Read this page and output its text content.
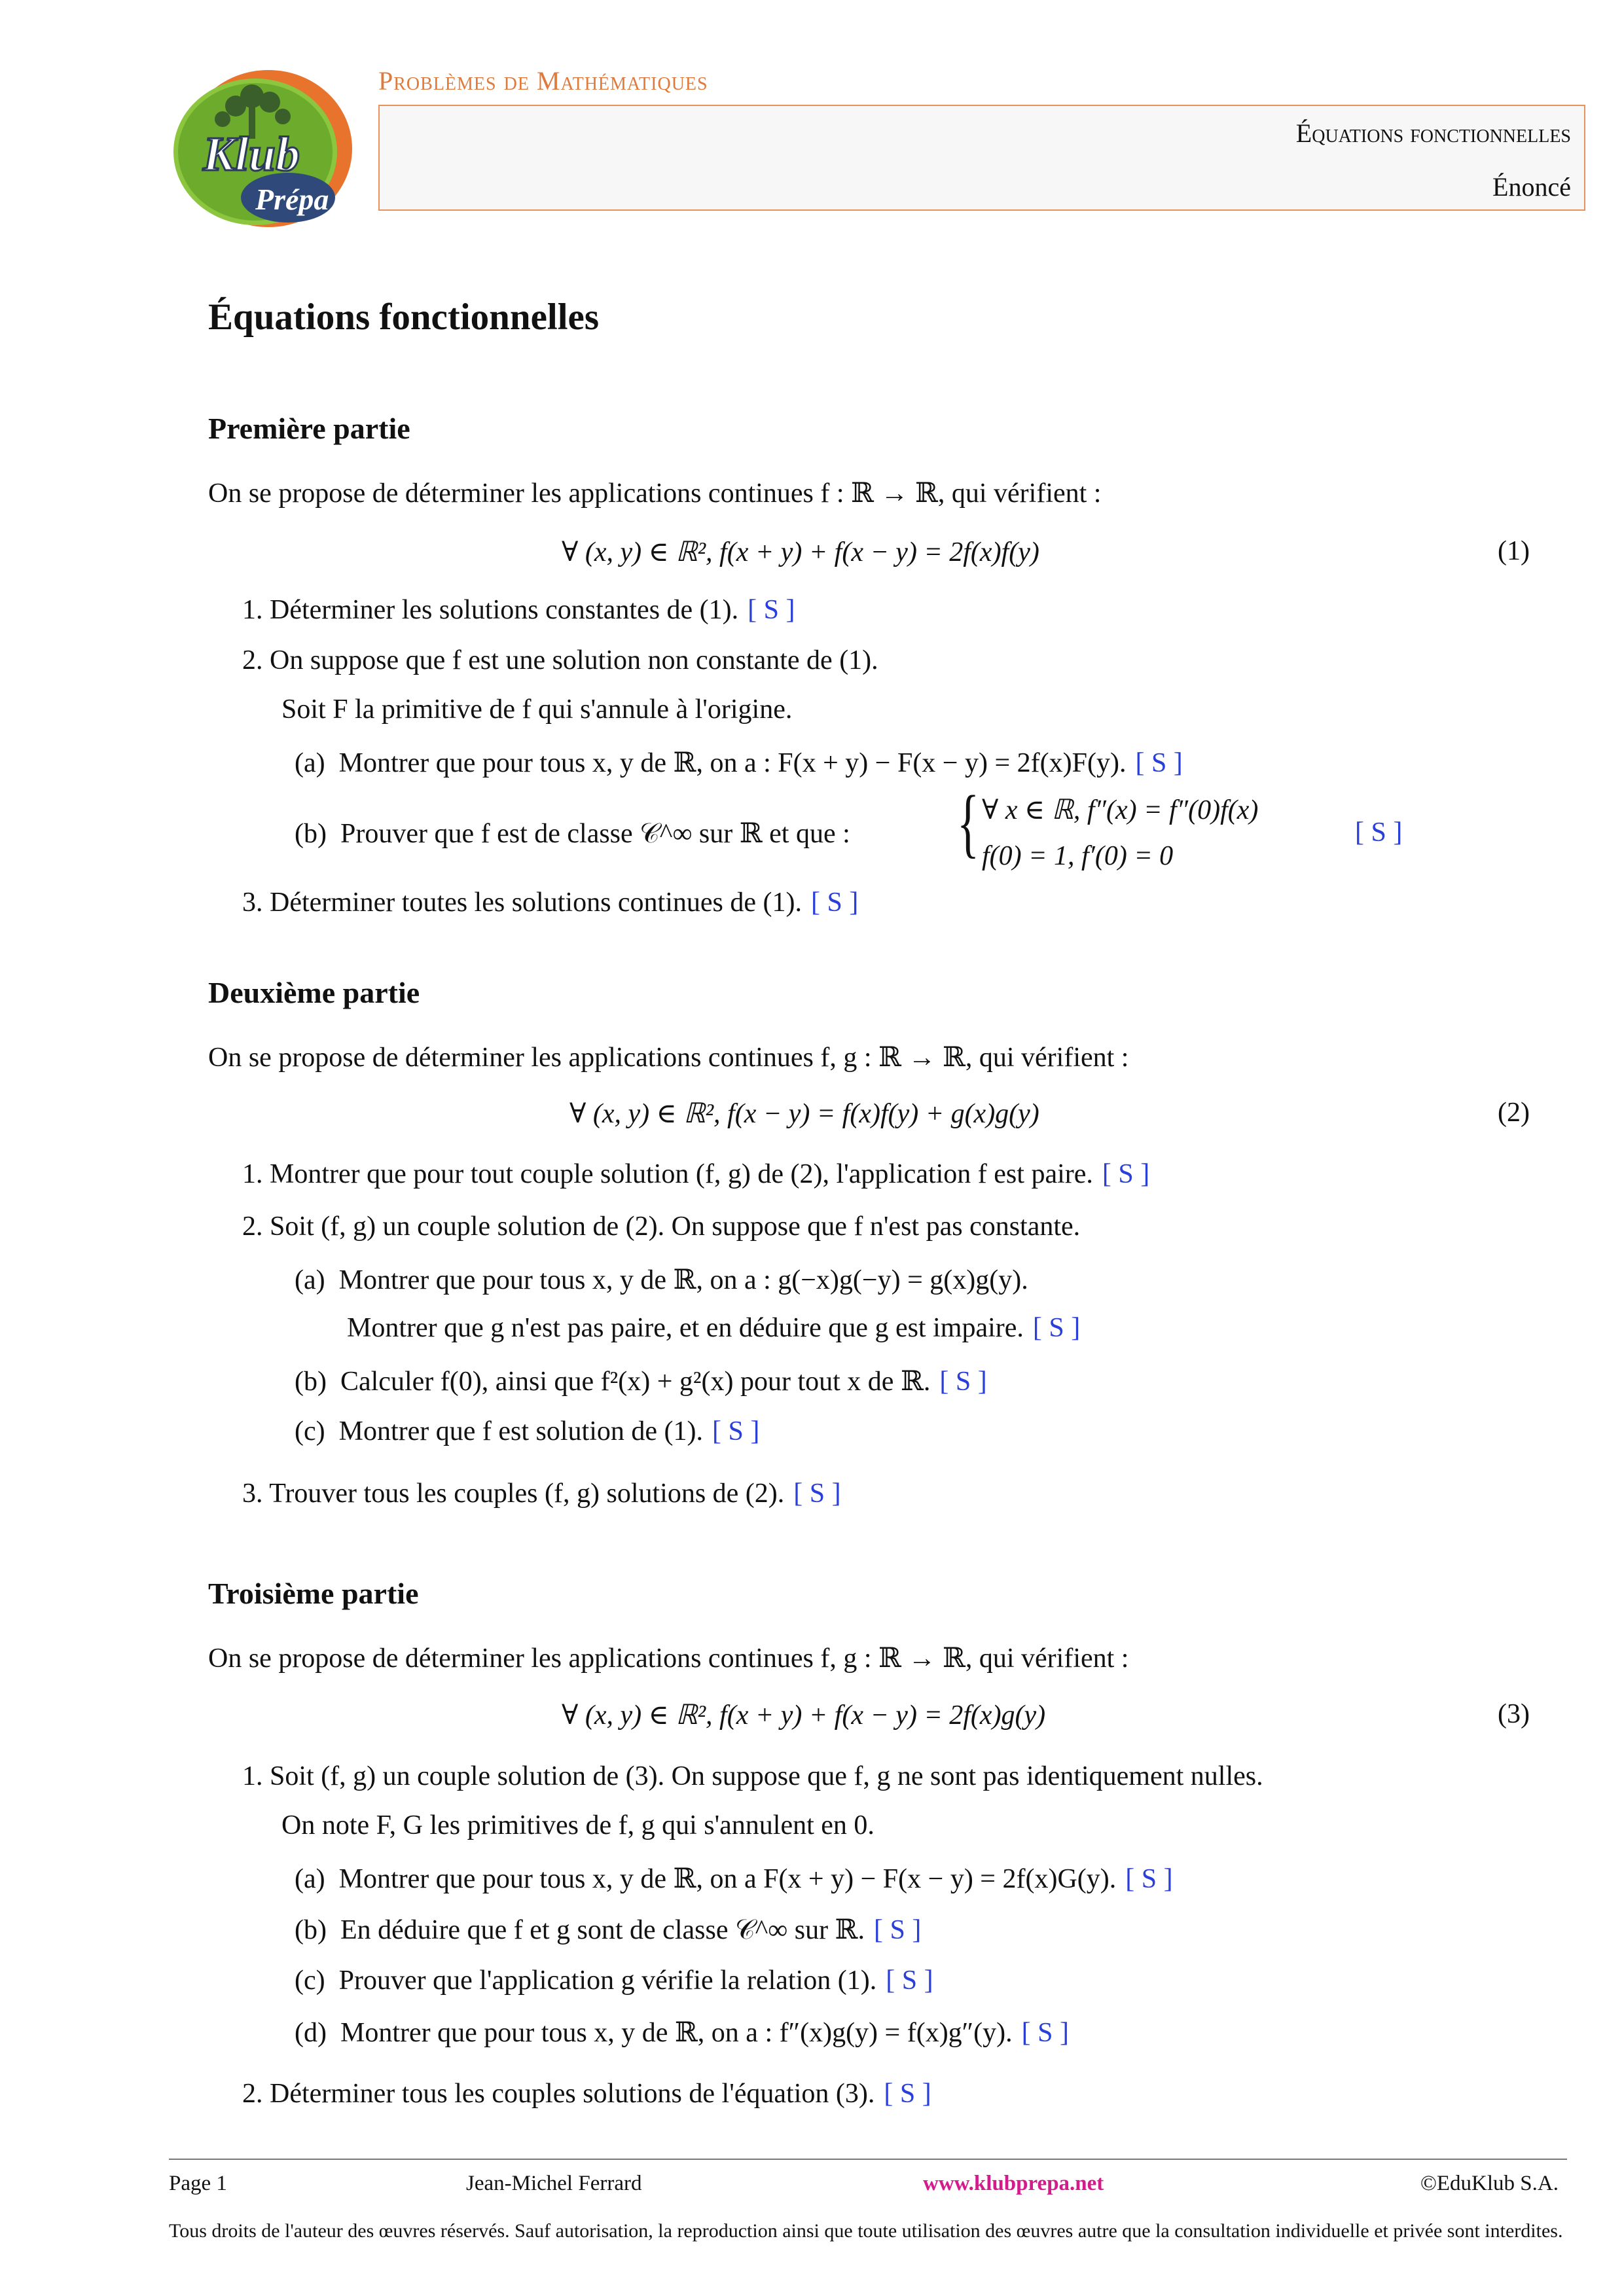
Klub
Prépa
Problèmes de Mathématiques
Équations fonctionnelles
Énoncé
Équations fonctionnelles
Première partie
On se propose de déterminer les applications continues f : ℝ → ℝ, qui vérifient :
∀ (x, y) ∈ ℝ², f(x + y) + f(x − y) = 2f(x)f(y)	(1)
1. Déterminer les solutions constantes de (1). [ S ]
2. On suppose que f est une solution non constante de (1).
Soit F la primitive de f qui s'annule à l'origine.
(a) Montrer que pour tous x, y de ℝ, on a : F(x + y) − F(x − y) = 2f(x)F(y). [ S ]
(b) Prouver que f est de classe 𝒞^∞ sur ℝ et que : { ∀ x ∈ ℝ, f″(x) = f″(0)f(x)
f(0) = 1, f′(0) = 0
[ S ]
3. Déterminer toutes les solutions continues de (1). [ S ]
Deuxième partie
On se propose de déterminer les applications continues f, g : ℝ → ℝ, qui vérifient :
∀ (x, y) ∈ ℝ², f(x − y) = f(x)f(y) + g(x)g(y)	(2)
1. Montrer que pour tout couple solution (f, g) de (2), l'application f est paire. [ S ]
2. Soit (f, g) un couple solution de (2). On suppose que f n'est pas constante.
(a) Montrer que pour tous x, y de ℝ, on a : g(−x)g(−y) = g(x)g(y).
Montrer que g n'est pas paire, et en déduire que g est impaire. [ S ]
(b) Calculer f(0), ainsi que f²(x) + g²(x) pour tout x de ℝ. [ S ]
(c) Montrer que f est solution de (1). [ S ]
3. Trouver tous les couples (f, g) solutions de (2). [ S ]
Troisième partie
On se propose de déterminer les applications continues f, g : ℝ → ℝ, qui vérifient :
∀ (x, y) ∈ ℝ², f(x + y) + f(x − y) = 2f(x)g(y)	(3)
1. Soit (f, g) un couple solution de (3). On suppose que f, g ne sont pas identiquement nulles.
On note F, G les primitives de f, g qui s'annulent en 0.
(a) Montrer que pour tous x, y de ℝ, on a F(x + y) − F(x − y) = 2f(x)G(y). [ S ]
(b) En déduire que f et g sont de classe 𝒞^∞ sur ℝ. [ S ]
(c) Prouver que l'application g vérifie la relation (1). [ S ]
(d) Montrer que pour tous x, y de ℝ, on a : f″(x)g(y) = f(x)g″(y). [ S ]
2. Déterminer tous les couples solutions de l'équation (3). [ S ]
Page 1	Jean-Michel Ferrard	www.klubprepa.net	©EduKlub S.A.
Tous droits de l'auteur des œuvres réservés. Sauf autorisation, la reproduction ainsi que toute utilisation des œuvres autre que la consultation individuelle et privée sont interdites.
